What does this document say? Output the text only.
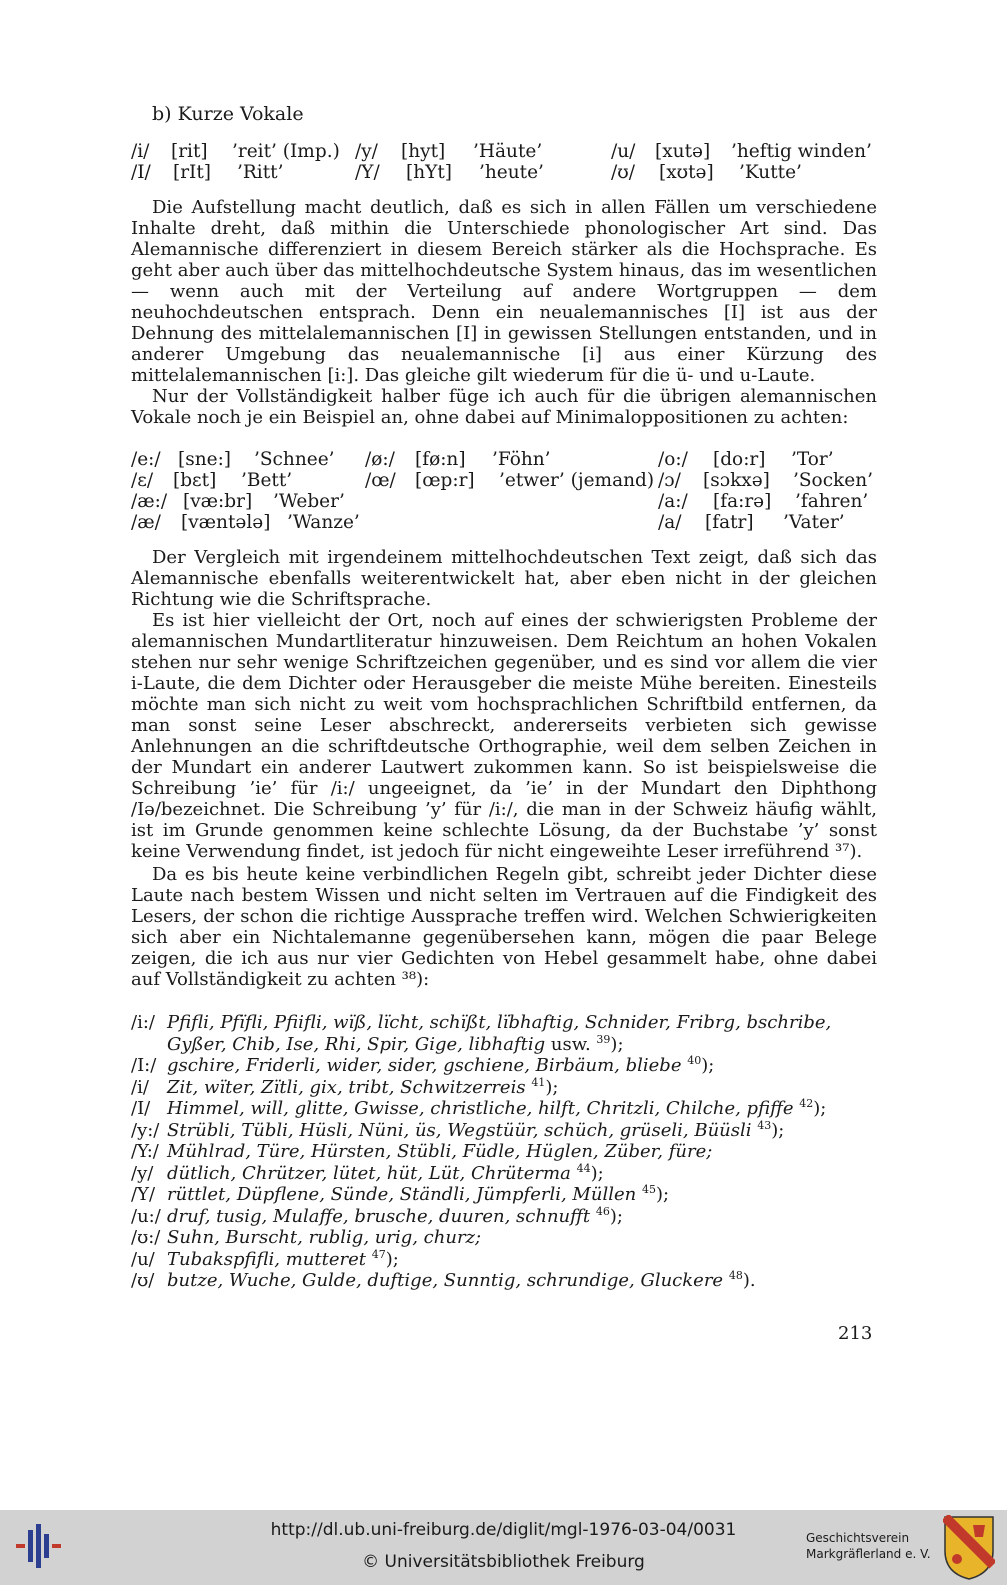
b) Kurze Vokale
/i/ [rit] ’reit’ (Imp.) /y/ [hyt] ’Häute’	/u/ [xutə] ’heftig winden’
/I/ [rIt] ’Ritt’	/Y/ [hYt] ’heute’	/ʊ/ [xʊtə] ’Kutte’

Die Aufstellung macht deutlich, daß es sich in allen Fällen um verschiedene Inhalte dreht, daß mithin die Unterschiede phonologischer Art sind. Das Alemannische differenziert in diesem Bereich stärker als die Hochsprache. Es geht aber auch über das mittelhochdeutsche System hinaus, das im wesentlichen — wenn auch mit der Verteilung auf andere Wortgruppen — dem neuhochdeutschen entsprach. Denn ein neualemannisches [I] ist aus der Dehnung des mittelalemannischen [I] in gewissen Stellungen entstanden, und in anderer Umgebung das neualemannische [i] aus einer Kürzung des mittelalemannischen [i:]. Das gleiche gilt wiederum für die ü- und u-Laute.

Nur der Vollständigkeit halber füge ich auch für die übrigen alemannischen Vokale noch je ein Beispiel an, ohne dabei auf Minimaloppositionen zu achten:

/e:/ [sne:] ’Schnee’ /ø:/ [fø:n] ’Föhn’	/o:/ [do:r] ’Tor’
/ε/ [bεt] ’Bett’	/œ/ [œp:r] ’etwer’ (jemand) /ɔ/ [sɔkxə] ’Socken’
/æ:/ [væ:br] ’Weber’	/a:/ [fa:rə] ’fahren’
/æ/ [væntələ] ’Wanze’	/a/ [fatr] ’Vater’

Der Vergleich mit irgendeinem mittelhochdeutschen Text zeigt, daß sich das Alemannische ebenfalls weiterentwickelt hat, aber eben nicht in der gleichen Richtung wie die Schriftsprache.

Es ist hier vielleicht der Ort, noch auf eines der schwierigsten Probleme der alemannischen Mundartliteratur hinzuweisen. Dem Reichtum an hohen Vokalen stehen nur sehr wenige Schriftzeichen gegenüber, und es sind vor allem die vier i-Laute, die dem Dichter oder Herausgeber die meiste Mühe bereiten. Einesteils möchte man sich nicht zu weit vom hochsprachlichen Schriftbild entfernen, da man sonst seine Leser abschreckt, andererseits verbieten sich gewisse Anlehnungen an die schriftdeutsche Orthographie, weil dem selben Zeichen in der Mundart ein anderer Lautwert zukommen kann. So ist beispielsweise die Schreibung ’ie’ für /i:/ ungeeignet, da ’ie’ in der Mundart den Diphthong /Iə/bezeichnet. Die Schreibung ’y’ für /i:/, die man in der Schweiz häufig wählt, ist im Grunde genommen keine schlechte Lösung, da der Buchstabe ’y’ sonst keine Verwendung findet, ist jedoch für nicht eingeweihte Leser irreführend ³⁷).

Da es bis heute keine verbindlichen Regeln gibt, schreibt jeder Dichter diese Laute nach bestem Wissen und nicht selten im Vertrauen auf die Findigkeit des Lesers, der schon die richtige Aussprache treffen wird. Welchen Schwierigkeiten sich aber ein Nichtalemanne gegenübersehen kann, mögen die paar Belege zeigen, die ich aus nur vier Gedichten von Hebel gesammelt habe, ohne dabei auf Vollständigkeit zu achten ³⁸):

/i:/ Pfifli, Pfïfli, Pfiifli, wïß, lïcht, schïßt, lïbhaftig, Schnider, Fribrg, bschribe, Gyßer, Chib, Ise, Rhi, Spir, Gige, libhaftig usw. $^{39}$);
/I:/ gschire, Friderli, wider, sider, gschiene, Birbäum, bliebe $^{40}$);
/i/	Zit, wïter, Zïtli, gix, tribt, Schwitzerreis $^{41}$);
/I/ Himmel, will, glitte, Gwisse, christliche, hilft, Chritzli, Chilche, pfiffe $^{42}$);
/y:/ Strübli, Tübli, Hüsli, Nüni, üs, Wegstüür, schüch, grüseli, Büüsli $^{43}$);
/Y:/ Mühlrad, Türe, Hürsten, Stübli, Füdle, Hüglen, Züber, füre;
/y/ dütlich, Chrützer, lütet, hüt, Lüt, Chrüterma $^{44}$);
/Y/ rüttlet, Düpflene, Sünde, Ständli, Jümpferli, Müllen $^{45}$);
/u:/ druf, tusig, Mulaffe, brusche, duuren, schnufft $^{46}$);
/ʊ:/ Suhn, Burscht, rublig, urig, churz;
/u/ Tubakspfifli, mutteret $^{47}$);
/ʊ/ butze, Wuche, Gulde, duftige, Sunntig, schrundige, Gluckere $^{48}$).
213
http://dl.ub.uni-freiburg.de/diglit/mgl-1976-03-04/0031
© Universitätsbibliothek Freiburg
Geschichtsverein
Markgräflerland e. V.
